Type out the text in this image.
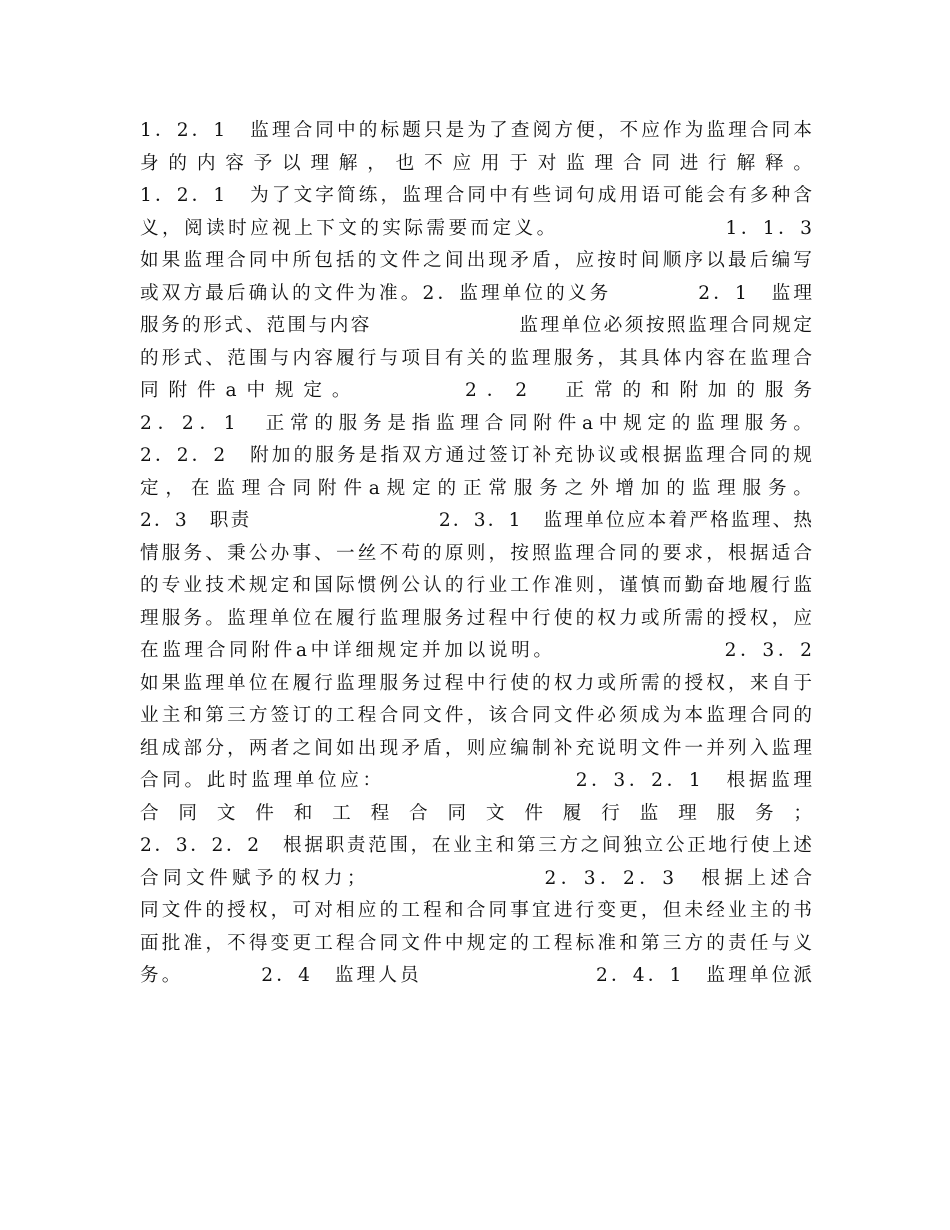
1．2．1　监理合同中的标题只是为了查阅方便，不应作为监理合同本
身的内容予以理解，也不应用于对监理合同进行解释。
1．2．1　为了文字简练，监理合同中有些词句成用语可能会有多种含
义，阅读时应视上下文的实际需要而定义。　　　　　　　　1．1．3
如果监理合同中所包括的文件之间出现矛盾，应按时间顺序以最后编写
或双方最后确认的文件为准。2．监理单位的义务　　　　2．1　监理
服务的形式、范围与内容　　　　　　　监理单位必须按照监理合同规定
的形式、范围与内容履行与项目有关的监理服务，其具体内容在监理合
同附件a中规定。　　　　2．2　正常的和附加的服务
2．2．1　正常的服务是指监理合同附件a中规定的监理服务。
2．2．2　附加的服务是指双方通过签订补充协议或根据监理合同的规
定，在监理合同附件a规定的正常服务之外增加的监理服务。
2．3　职责　　　　　　　　　2．3．1　监理单位应本着严格监理、热
情服务、秉公办事、一丝不苟的原则，按照监理合同的要求，根据适合
的专业技术规定和国际惯例公认的行业工作准则，谨慎而勤奋地履行监
理服务。监理单位在履行监理服务过程中行使的权力或所需的授权，应
在监理合同附件a中详细规定并加以说明。　　　　　　　　2．3．2
如果监理单位在履行监理服务过程中行使的权力或所需的授权，来自于
业主和第三方签订的工程合同文件，该合同文件必须成为本监理合同的
组成部分，两者之间如出现矛盾，则应编制补充说明文件一并列入监理
合同。此时监理单位应：　　　　　　　　　2．3．2．1　根据监理
合同文件和工程合同文件履行监理服务；
2．3．2．2　根据职责范围，在业主和第三方之间独立公正地行使上述
合同文件赋予的权力；　　　　　　　　2．3．2．3　根据上述合
同文件的授权，可对相应的工程和合同事宜进行变更，但未经业主的书
面批准，不得变更工程合同文件中规定的工程标准和第三方的责任与义
务。　　　　2．4　监理人员　　　　　　　　2．4．1　监理单位派
